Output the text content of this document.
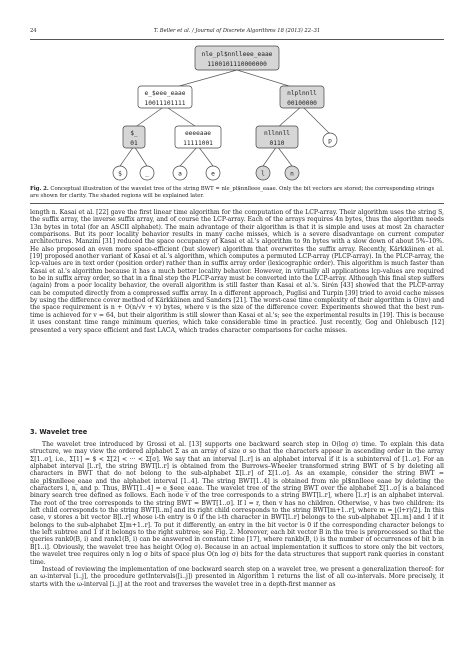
24	T. Beller et al. / Journal of Discrete Algorithms 18 (2013) 22–31
nle_pl$nnlleee_eaae
1100101110000000
e_$eee_eaae
10011101111
nlplnnll
00100000
$_
01
eeeeaae
11111001
nllnnll
0110	p
$	_	a	e	l	n
Fig. 2. Conceptual illustration of the wavelet tree of the string BWT = nle_pl$nnlleee_eaae. Only the bit vectors are stored; the corresponding strings are shown for clarity. The shaded regions will be explained later.
length n. Kasai et al. [22] gave the first linear time algorithm for the computation of the LCP-array. Their algorithm uses the string S, the suffix array, the inverse suffix array, and of course the LCP-array. Each of the arrays requires 4n bytes, thus the algorithm needs 13n bytes in total (for an ASCII alphabet). The main advantage of their algorithm is that it is simple and uses at most 2n character comparisons. But its poor locality behavior results in many cache misses, which is a severe disadvantage on current computer architectures. Manzini [31] reduced the space occupancy of Kasai et al.'s algorithm to 9n bytes with a slow down of about 5%–10%. He also proposed an even more space-efficient (but slower) algorithm that overwrites the suffix array. Recently, Kärkkäinen et al. [19] proposed another variant of Kasai et al.'s algorithm, which computes a permuted LCP-array (PLCP-array). In the PLCP-array, the lcp-values are in text order (position order) rather than in suffix array order (lexicographic order). This algorithm is much faster than Kasai et al.'s algorithm because it has a much better locality behavior. However, in virtually all applications lcp-values are required to be in suffix array order, so that in a final step the PLCP-array must be converted into the LCP-array. Although this final step suffers (again) from a poor locality behavior, the overall algorithm is still faster than Kasai et al.'s. Sirén [43] showed that the PLCP-array can be computed directly from a compressed suffix array. In a different approach, Puglisi and Turpin [39] tried to avoid cache misses by using the difference cover method of Kärkkäinen and Sanders [21]. The worst-case time complexity of their algorithm is O(nv) and the space requirement is n + O(n/√v + v) bytes, where v is the size of the difference cover. Experiments showed that the best run-time is achieved for v = 64, but their algorithm is still slower than Kasai et al.'s; see the experimental results in [19]. This is because it uses constant time range minimum queries, which take considerable time in practice. Just recently, Gog and Ohlebusch [12] presented a very space efficient and fast LACA, which trades character comparisons for cache misses.
3. Wavelet tree

The wavelet tree introduced by Grossi et al. [13] supports one backward search step in O(log σ) time. To explain this data structure, we may view the ordered alphabet Σ as an array of size σ so that the characters appear in ascending order in the array Σ[1..σ], i.e., Σ[1] = $ < Σ[2] < ··· < Σ[σ]. We say that an interval [l..r] is an alphabet interval if it is a subinterval of [1..σ]. For an alphabet interval [l..r], the string BWT[l..r] is obtained from the Burrows–Wheeler transformed string BWT of S by deleting all characters in BWT that do not belong to the sub-alphabet Σ[l..r] of Σ[1..σ]. As an example, consider the string BWT = nle_pl$nnlleee_eaae and the alphabet interval [1..4]. The string BWT[1..4] is obtained from nle_pl$nnlleee_eaae by deleting the characters l, n, and p. Thus, BWT[1..4] = e_$eee_eaae. The wavelet tree of the string BWT over the alphabet Σ[1..σ] is a balanced binary search tree defined as follows. Each node v of the tree corresponds to a string BWT[l..r], where [l..r] is an alphabet interval. The root of the tree corresponds to the string BWT = BWT[1..σ]. If l = r, then v has no children. Otherwise, v has two children: its left child corresponds to the string BWT[l..m] and its right child corresponds to the string BWT[m+1..r], where m = ⌊(l+r)/2⌋. In this case, v stores a bit vector B[l..r] whose i-th entry is 0 if the i-th character in BWT[l..r] belongs to the sub-alphabet Σ[l..m] and 1 if it belongs to the sub-alphabet Σ[m+1..r]. To put it differently, an entry in the bit vector is 0 if the corresponding character belongs to the left subtree and 1 if it belongs to the right subtree; see Fig. 2. Moreover, each bit vector B in the tree is preprocessed so that the queries rank0(B, i) and rank1(B, i) can be answered in constant time [17], where rankb(B, i) is the number of occurrences of bit b in B[1..i]. Obviously, the wavelet tree has height O(log σ). Because in an actual implementation it suffices to store only the bit vectors, the wavelet tree requires only n log σ bits of space plus O(n log σ) bits for the data structures that support rank queries in constant time.

Instead of reviewing the implementation of one backward search step on a wavelet tree, we present a generalization thereof: for an ω-interval [i..j], the procedure getIntervals([i..j]) presented in Algorithm 1 returns the list of all cω-intervals. More precisely, it starts with the ω-interval [i..j] at the root and traverses the wavelet tree in a depth-first manner as
